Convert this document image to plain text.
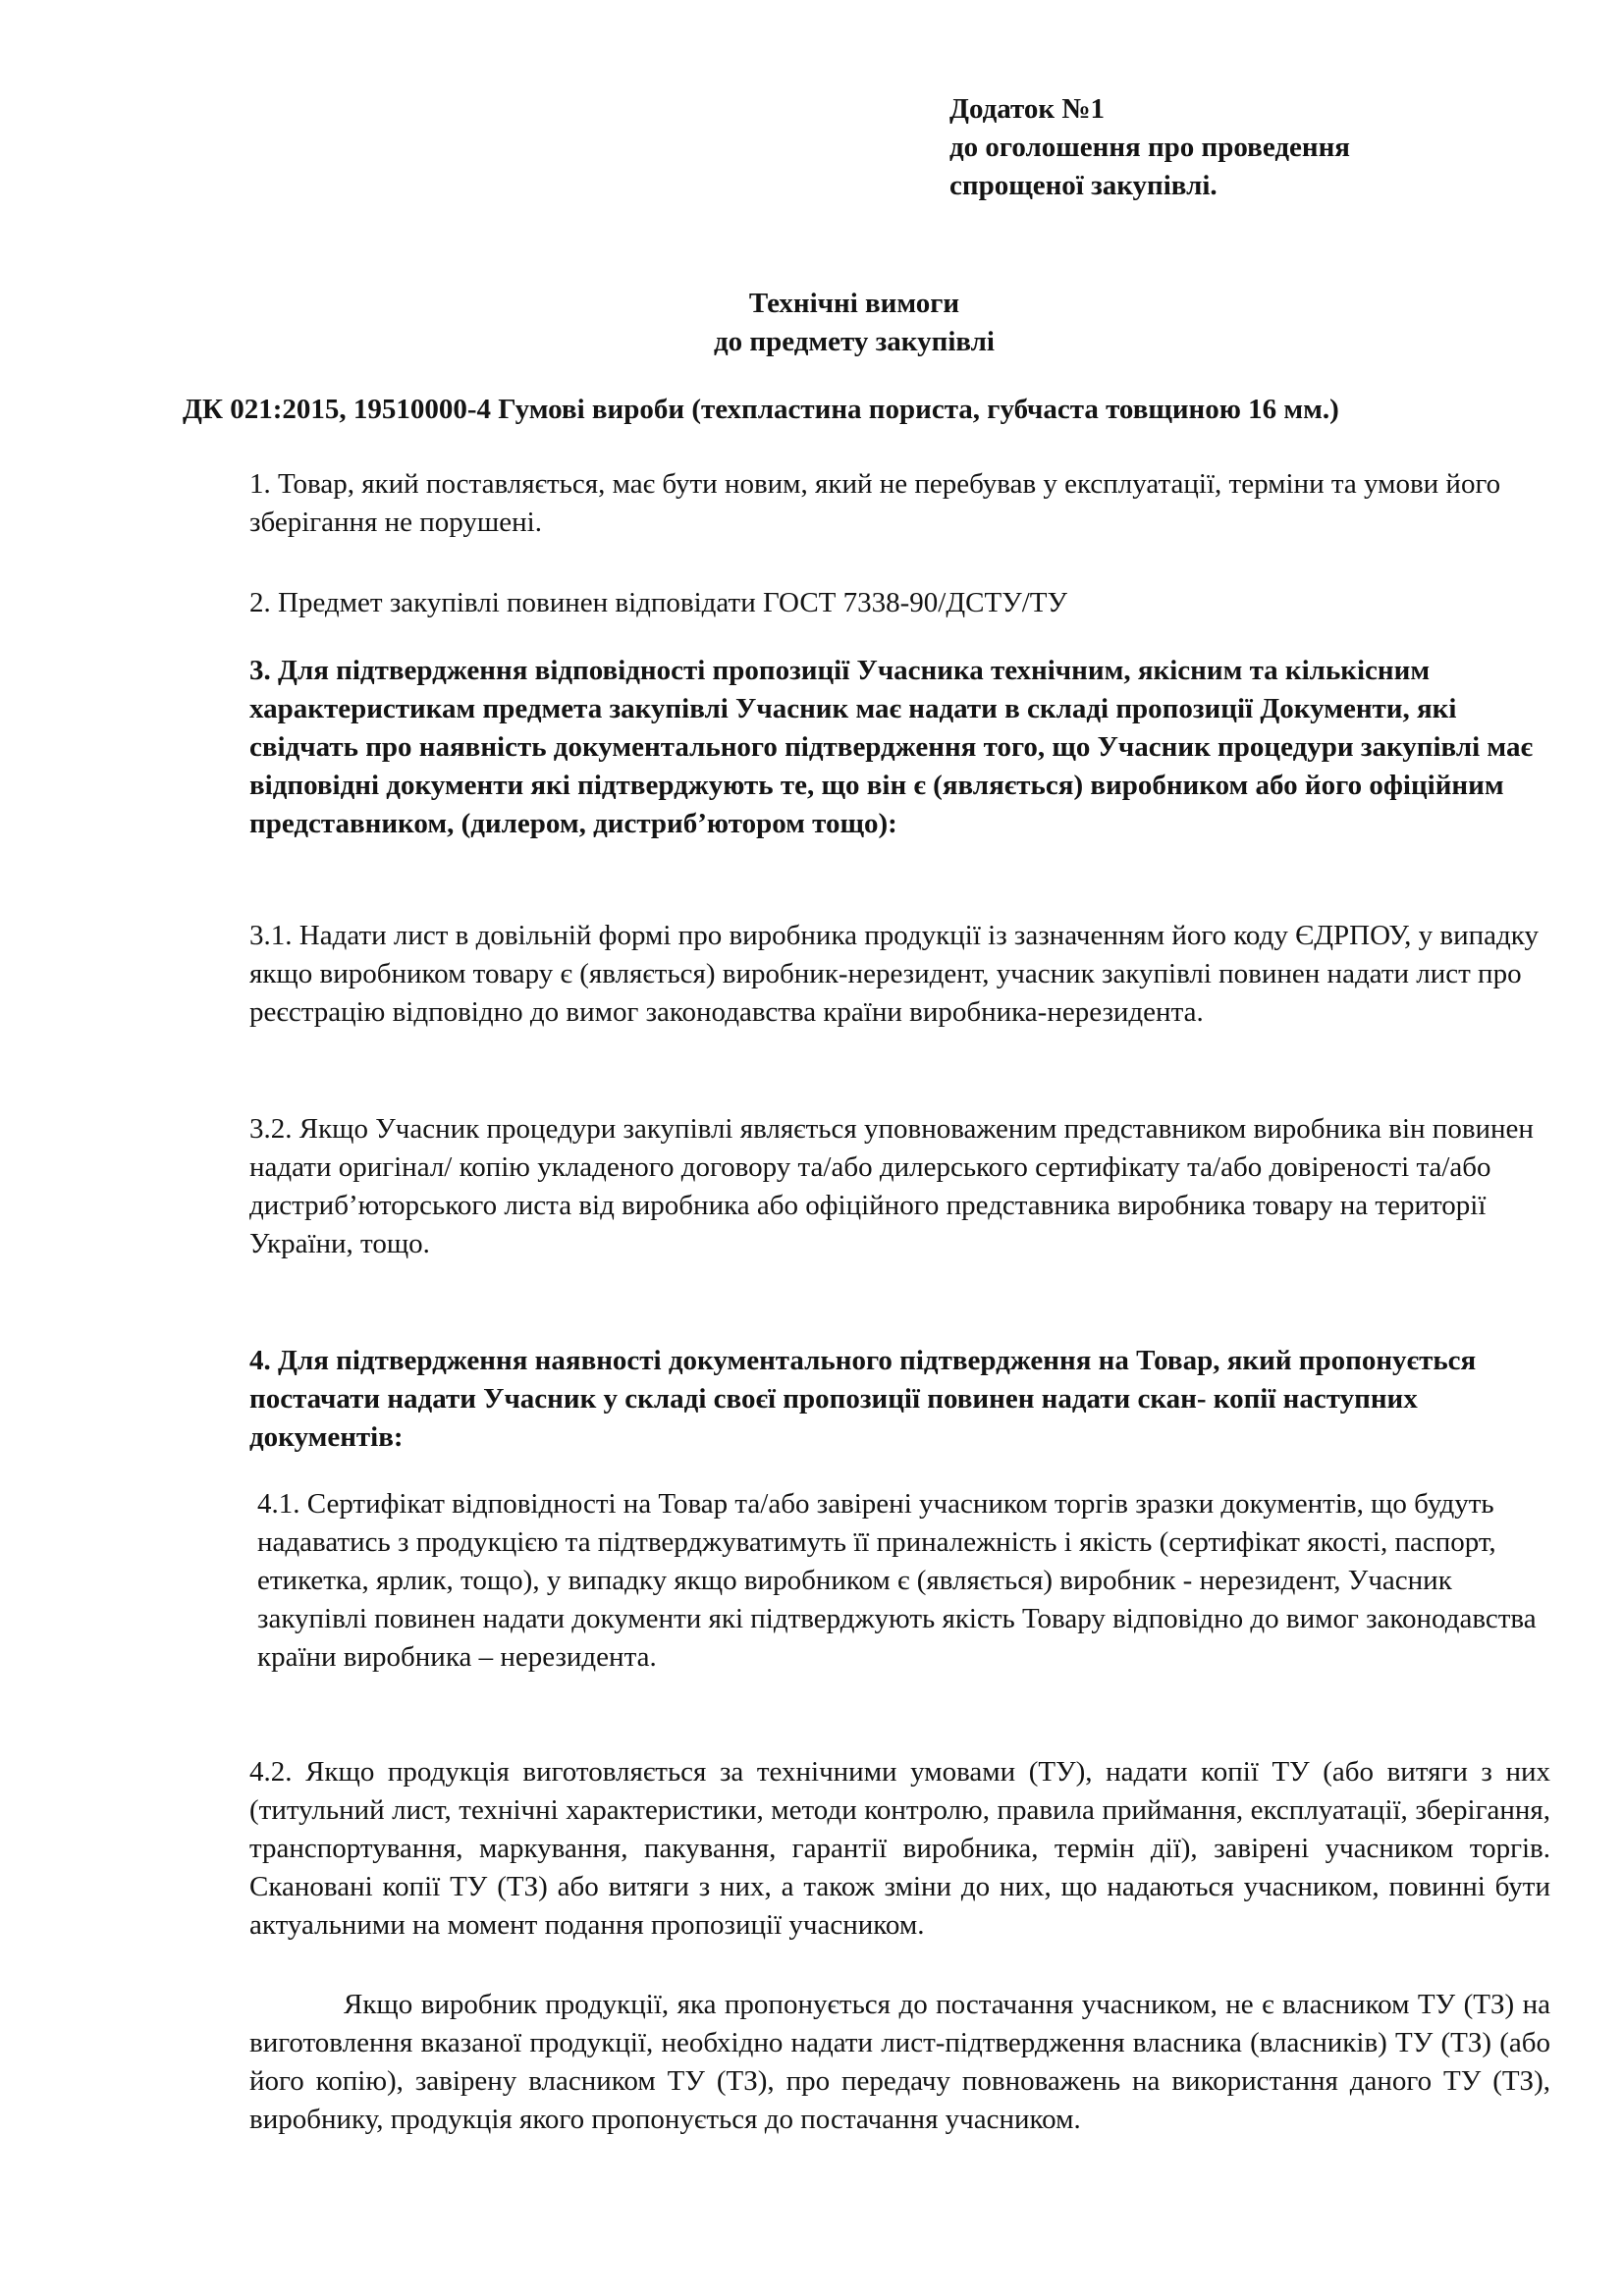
Додаток №1
до оголошення про проведення
спрощеної закупівлі.
Технічні вимоги
до предмету закупівлі
ДК 021:2015, 19510000-4 Гумові вироби (техпластина пориста, губчаста товщиною 16 мм.)
1. Товар, який поставляється, має бути новим, який не перебував у експлуатації, терміни та умови його зберігання не порушені.
2. Предмет закупівлі повинен відповідати ГОСТ 7338-90/ДСТУ/ТУ
3. Для підтвердження відповідності пропозиції Учасника технічним, якісним та кількісним характеристикам предмета закупівлі Учасник має надати в складі пропозиції Документи, які свідчать про наявність документального підтвердження того, що Учасник процедури закупівлі має відповідні документи які підтверджують те, що він є (являється) виробником або його офіційним представником, (дилером, дистриб’ютором тощо):
3.1. Надати лист в довільній формі про виробника продукції із зазначенням його коду ЄДРПОУ, у випадку якщо виробником товару є (являється) виробник-нерезидент, учасник закупівлі повинен надати лист про реєстрацію відповідно до вимог законодавства країни виробника-нерезидента.
3.2. Якщо Учасник процедури закупівлі являється уповноваженим представником виробника він повинен надати оригінал/ копію укладеного договору та/або дилерського сертифікату та/або довіреності та/або дистриб’юторського листа від виробника або офіційного представника виробника товару на території України, тощо.
4. Для підтвердження наявності документального підтвердження на Товар, який пропонується постачати надати Учасник у складі своєї пропозиції повинен надати скан- копії наступних документів:
4.1. Сертифікат відповідності на Товар та/або завірені учасником торгів зразки документів, що будуть надаватись з продукцією та підтверджуватимуть її приналежність і якість (сертифікат якості, паспорт, етикетка, ярлик, тощо), у випадку якщо виробником є (являється) виробник - нерезидент, Учасник закупівлі повинен надати документи які підтверджують якість Товару відповідно до вимог законодавства країни виробника – нерезидента.
4.2. Якщо продукція виготовляється за технічними умовами (ТУ), надати копії ТУ (або витяги з них (титульний лист, технічні характеристики, методи контролю, правила приймання, експлуатації, зберігання, транспортування, маркування, пакування, гарантії виробника, термін дії), завірені учасником торгів. Скановані копії ТУ (ТЗ) або витяги з них, а також зміни до них, що надаються учасником, повинні бути актуальними на момент подання пропозиції учасником.
Якщо виробник продукції, яка пропонується до постачання учасником, не є власником ТУ (ТЗ) на виготовлення вказаної продукції, необхідно надати лист-підтвердження власника (власників) ТУ (ТЗ) (або його копію), завірену власником ТУ (ТЗ), про передачу повноважень на використання даного ТУ (ТЗ), виробнику, продукція якого пропонується до постачання учасником.
